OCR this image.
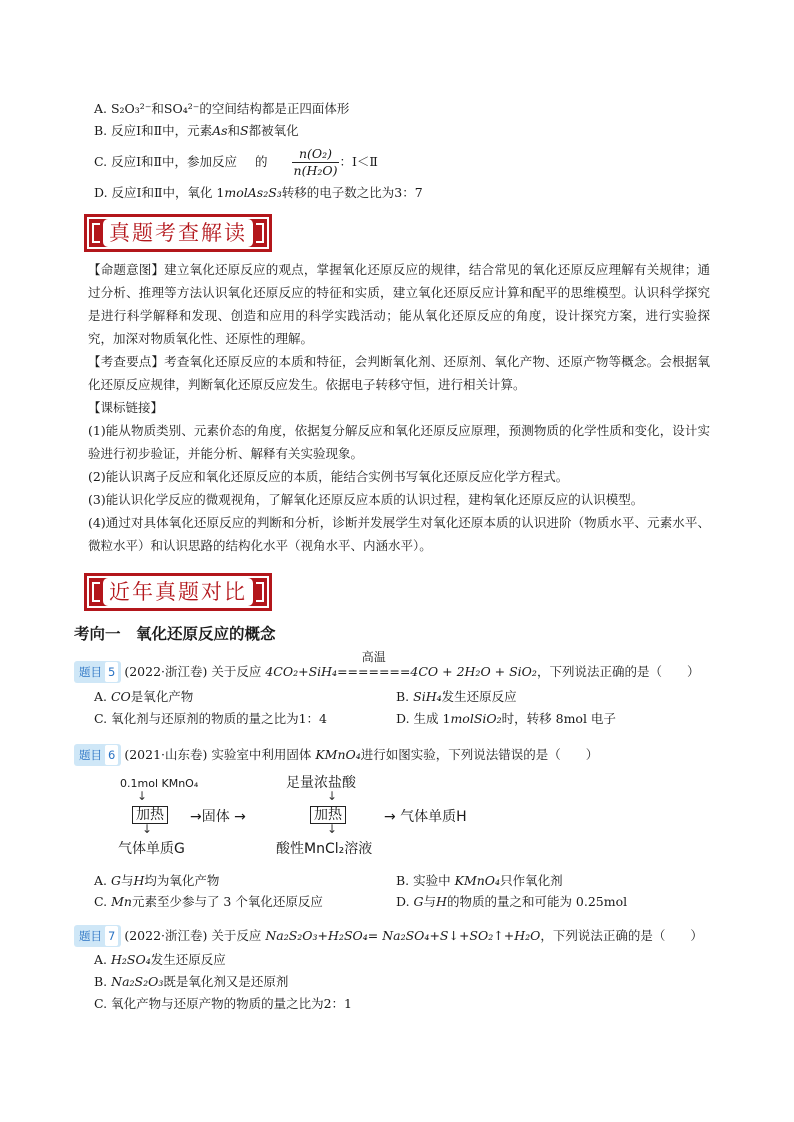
A. S₂O₃²⁻和SO₄²⁻的空间结构都是正四面体形
B. 反应Ⅰ和Ⅱ中，元素As和S都被氧化
C. 反应Ⅰ和Ⅱ中，参加反应 的 $\frac{\text{n(O₂)}}{\text{n(H₂O)}}$ ：Ⅰ＜Ⅱ
D. 反应Ⅰ和Ⅱ中，氧化 1molAs₂S₃转移的电子数之比为3：7
真题考查解读

【命题意图】建立氧化还原反应的观点，掌握氧化还原反应的规律，结合常见的氧化还原反应理解有关规律；通过分析、推理等方法认识氧化还原反应的特征和实质，建立氧化还原反应计算和配平的思维模型。认识科学探究是进行科学解释和发现、创造和应用的科学实践活动；能从氧化还原反应的角度，设计探究方案，进行实验探究，加深对物质氧化性、还原性的理解。

【考查要点】考查氧化还原反应的本质和特征，会判断氧化剂、还原剂、氧化产物、还原产物等概念。会根据氧化还原反应规律，判断氧化还原反应发生。依据电子转移守恒，进行相关计算。

【课标链接】

(1)能从物质类别、元素价态的角度，依据复分解反应和氧化还原反应原理，预测物质的化学性质和变化，设计实验进行初步验证，并能分析、解释有关实验现象。

(2)能认识离子反应和氧化还原反应的本质，能结合实例书写氧化还原反应化学方程式。

(3)能认识化学反应的微观视角，了解氧化还原反应本质的认识过程，建构氧化还原反应的认识模型。

(4)通过对具体氧化还原反应的判断和分析，诊断并发展学生对氧化还原本质的认识进阶（物质水平、元素水平、微粒水平）和认识思路的结构化水平（视角水平、内涵水平）。

近年真题对比
考向一　氧化还原反应的概念
题目 5 (2022·浙江卷) 关于反应 4CO₂+SiH₄
高温
=======4CO + 2H₂O + SiO₂，下列说法正确的是（　　）
A. CO是氧化产物	B. SiH₄发生还原反应
C. 氧化剂与还原剂的物质的量之比为1：4	D. 生成 1molSiO₂时，转移 8mol 电子
题目 6 (2021·山东卷) 实验室中利用固体 KMnO₄进行如图实验，下列说法错误的是（　　）
0.1mol KMnO₄
↓
加热 →固体 →
↓
气体单质G
足量浓盐酸
↓
加热	→ 气体单质H
↓
酸性MnCl₂溶液
A. G与H均为氧化产物	B. 实验中 KMnO₄只作氧化剂
C. Mn元素至少参与了 3 个氧化还原反应	D. G与H的物质的量之和可能为 0.25mol
题目 7 (2022·浙江卷) 关于反应 Na₂S₂O₃+H₂SO₄= Na₂SO₄+S↓+SO₂↑+H₂O，下列说法正确的是（　　）
A. H₂SO₄发生还原反应
B. Na₂S₂O₃既是氧化剂又是还原剂
C. 氧化产物与还原产物的物质的量之比为2：1
